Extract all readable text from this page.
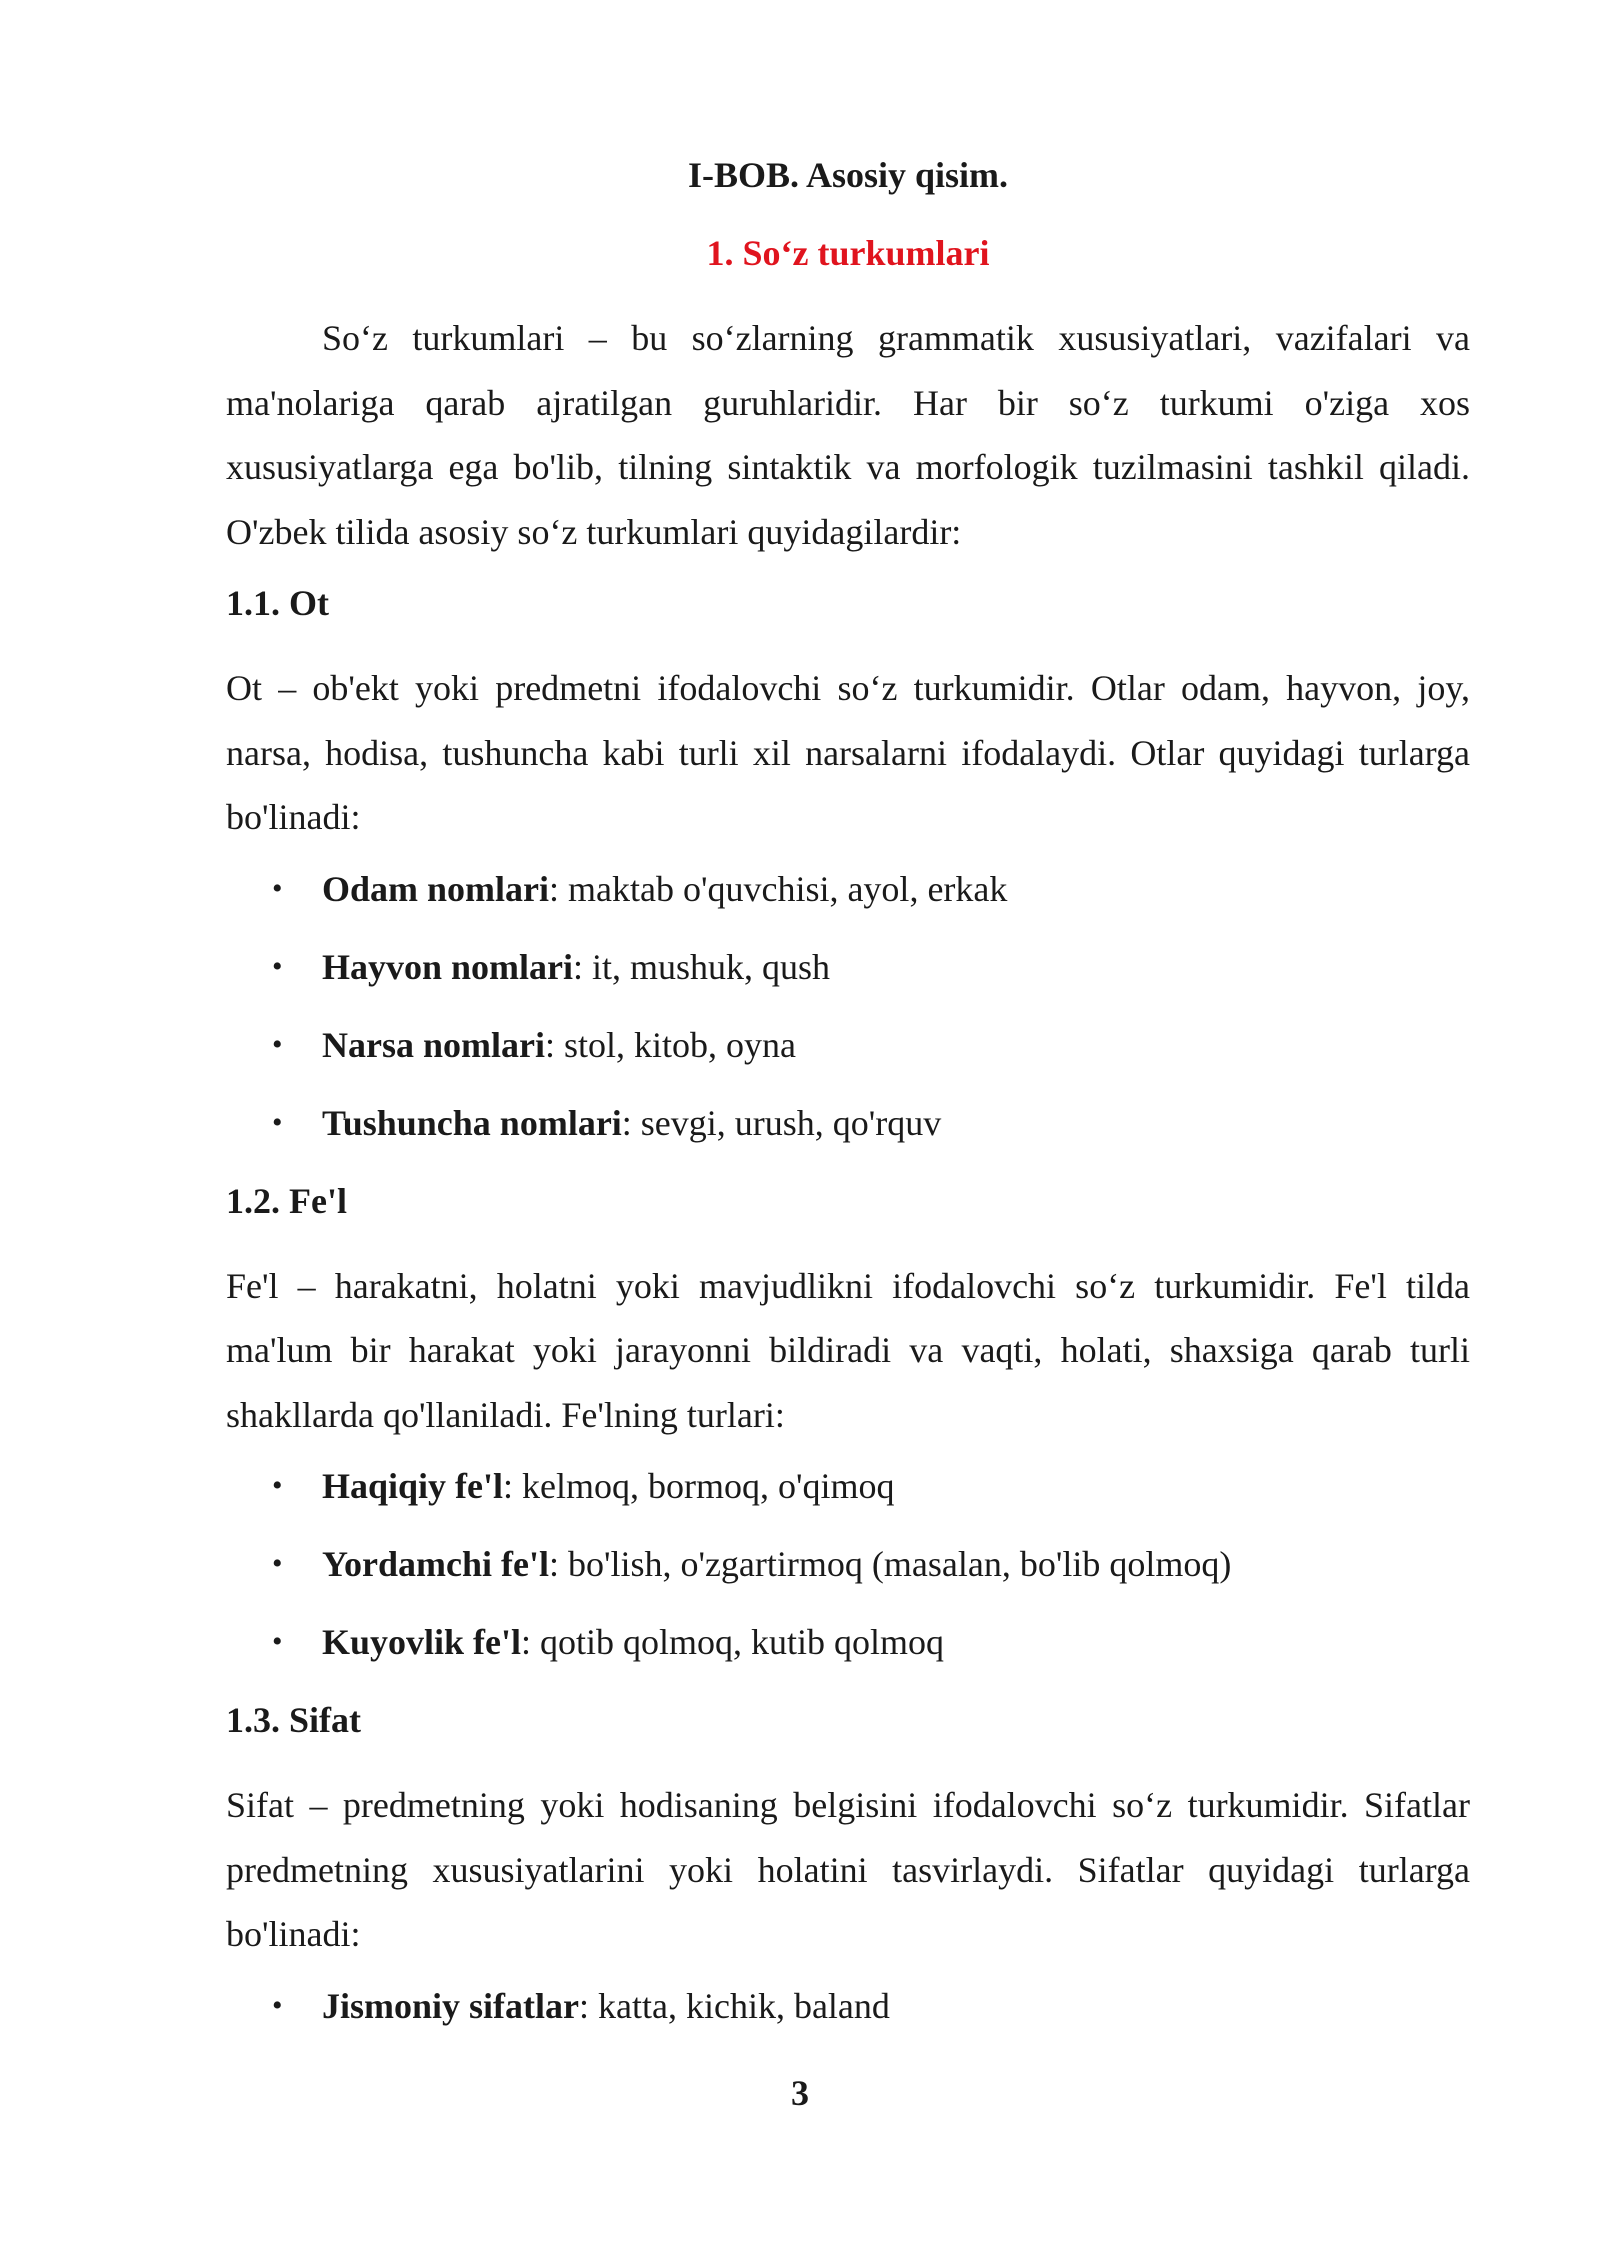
I-BOB. Asosiy qisim.
1. So‘z turkumlari

So‘z turkumlari – bu so‘zlarning grammatik xususiyatlari, vazifalari va ma'nolariga qarab ajratilgan guruhlaridir. Har bir so‘z turkumi o'ziga xos xususiyatlarga ega bo'lib, tilning sintaktik va morfologik tuzilmasini tashkil qiladi. O'zbek tilida asosiy so‘z turkumlari quyidagilardir:

1.1. Ot

Ot – ob'ekt yoki predmetni ifodalovchi so‘z turkumidir. Otlar odam, hayvon, joy, narsa, hodisa, tushuncha kabi turli xil narsalarni ifodalaydi. Otlar quyidagi turlarga bo'linadi:

• Odam nomlari: maktab o'quvchisi, ayol, erkak
• Hayvon nomlari: it, mushuk, qush
• Narsa nomlari: stol, kitob, oyna
• Tushuncha nomlari: sevgi, urush, qo'rquv
1.2. Fe'l

Fe'l – harakatni, holatni yoki mavjudlikni ifodalovchi so‘z turkumidir. Fe'l tilda ma'lum bir harakat yoki jarayonni bildiradi va vaqti, holati, shaxsiga qarab turli shakllarda qo'llaniladi. Fe'lning turlari:

• Haqiqiy fe'l: kelmoq, bormoq, o'qimoq
• Yordamchi fe'l: bo'lish, o'zgartirmoq (masalan, bo'lib qolmoq)
• Kuyovlik fe'l: qotib qolmoq, kutib qolmoq
1.3. Sifat

Sifat – predmetning yoki hodisaning belgisini ifodalovchi so‘z turkumidir. Sifatlar predmetning xususiyatlarini yoki holatini tasvirlaydi. Sifatlar quyidagi turlarga bo'linadi:

• Jismoniy sifatlar: katta, kichik, baland
3
